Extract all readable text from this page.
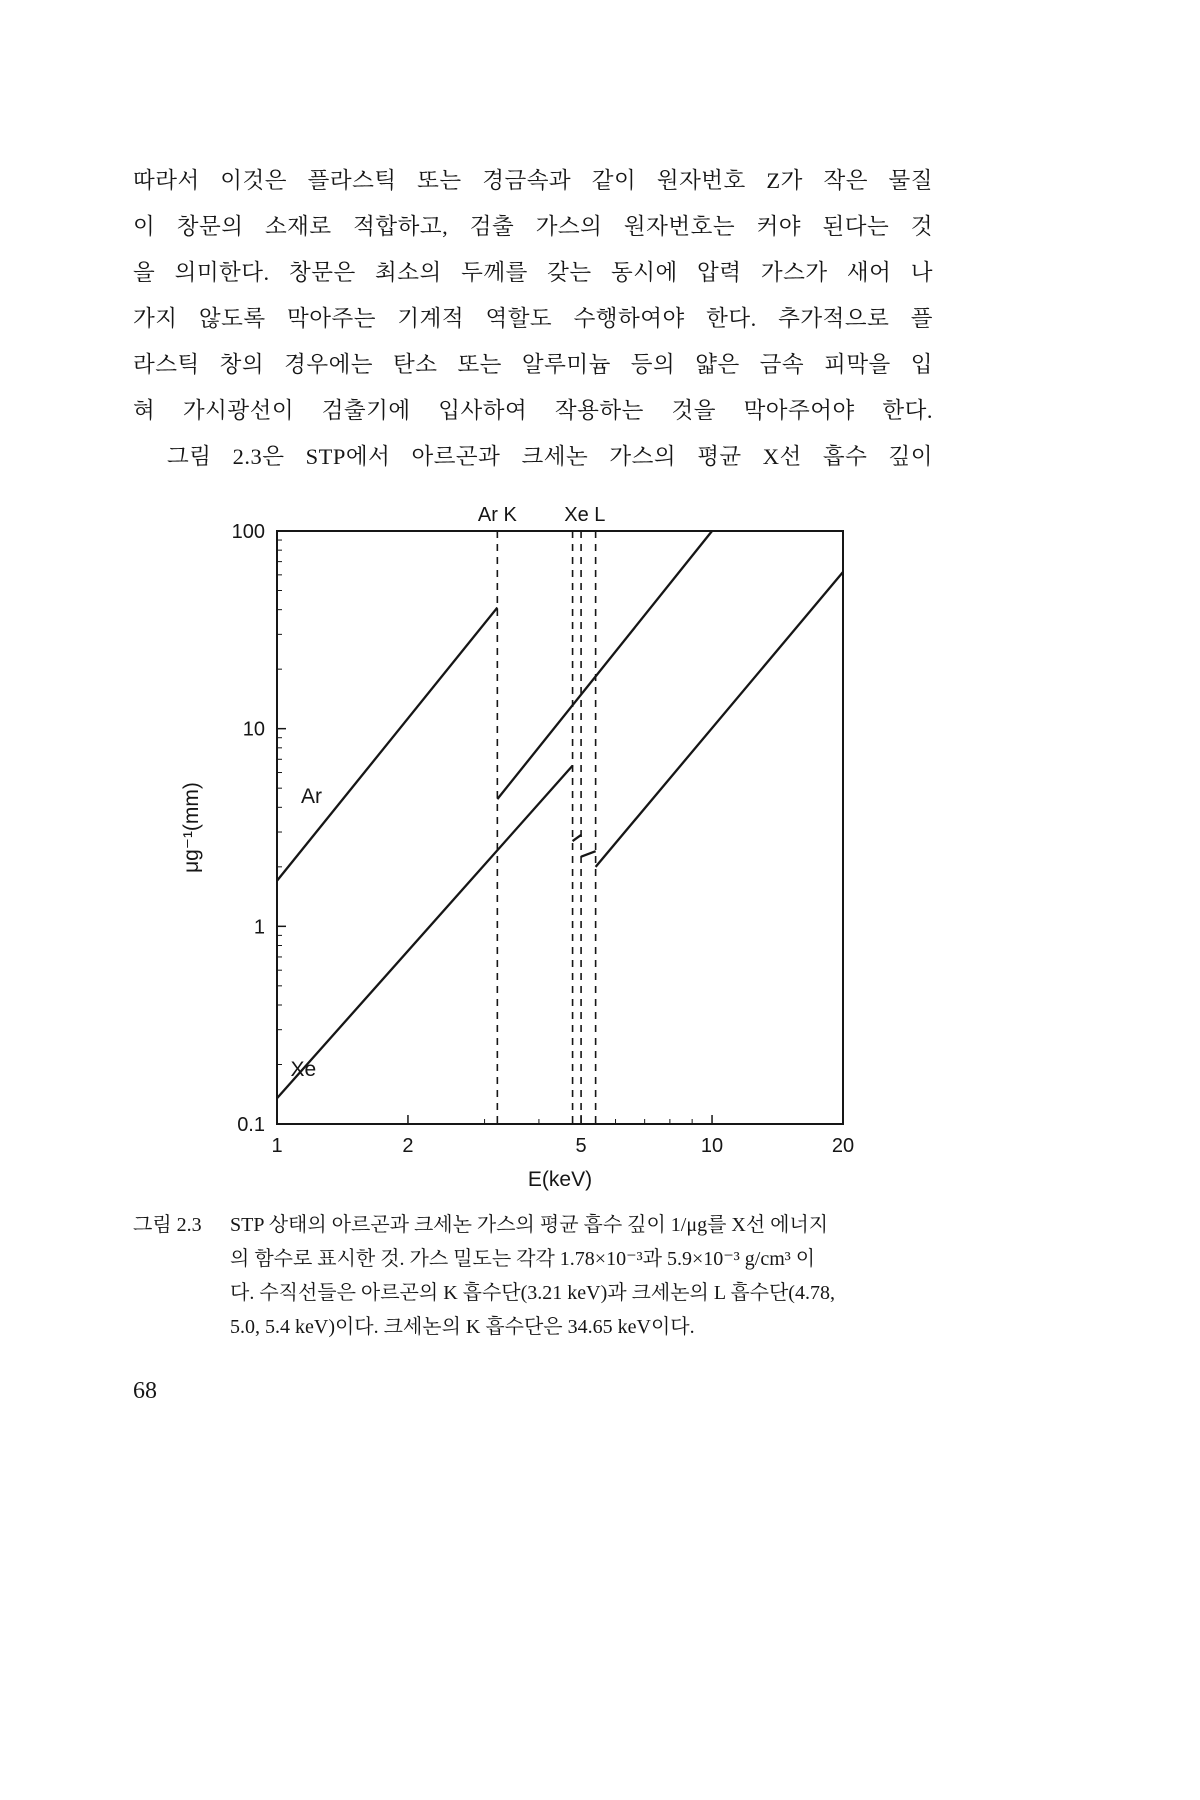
따라서 이것은 플라스틱 또는 경금속과 같이 원자번호 Z가 작은 물질
이 창문의 소재로 적합하고, 검출 가스의 원자번호는 커야 된다는 것
을 의미한다. 창문은 최소의 두께를 갖는 동시에 압력 가스가 새어 나
가지 않도록 막아주는 기계적 역할도 수행하여야 한다. 추가적으로 플
라스틱 창의 경우에는 탄소 또는 알루미늄 등의 얇은 금속 피막을 입
혀 가시광선이 검출기에 입사하여 작용하는 것을 막아주어야 한다.
그림 2.3은 STP에서 아르곤과 크세논 가스의 평균 X선 흡수 깊이
1	2	5	10	20
100
10
1
0.1
Ar K Xe L
Ar
Xe
E(keV)
μg⁻¹(mm)
그림 2.3	STP 상태의 아르곤과 크세논 가스의 평균 흡수 깊이 1/μg를 X선 에너지
의 함수로 표시한 것. 가스 밀도는 각각 1.78×10⁻³과 5.9×10⁻³ g/cm³ 이
다. 수직선들은 아르곤의 K 흡수단(3.21 keV)과 크세논의 L 흡수단(4.78,
5.0, 5.4 keV)이다. 크세논의 K 흡수단은 34.65 keV이다.
68
